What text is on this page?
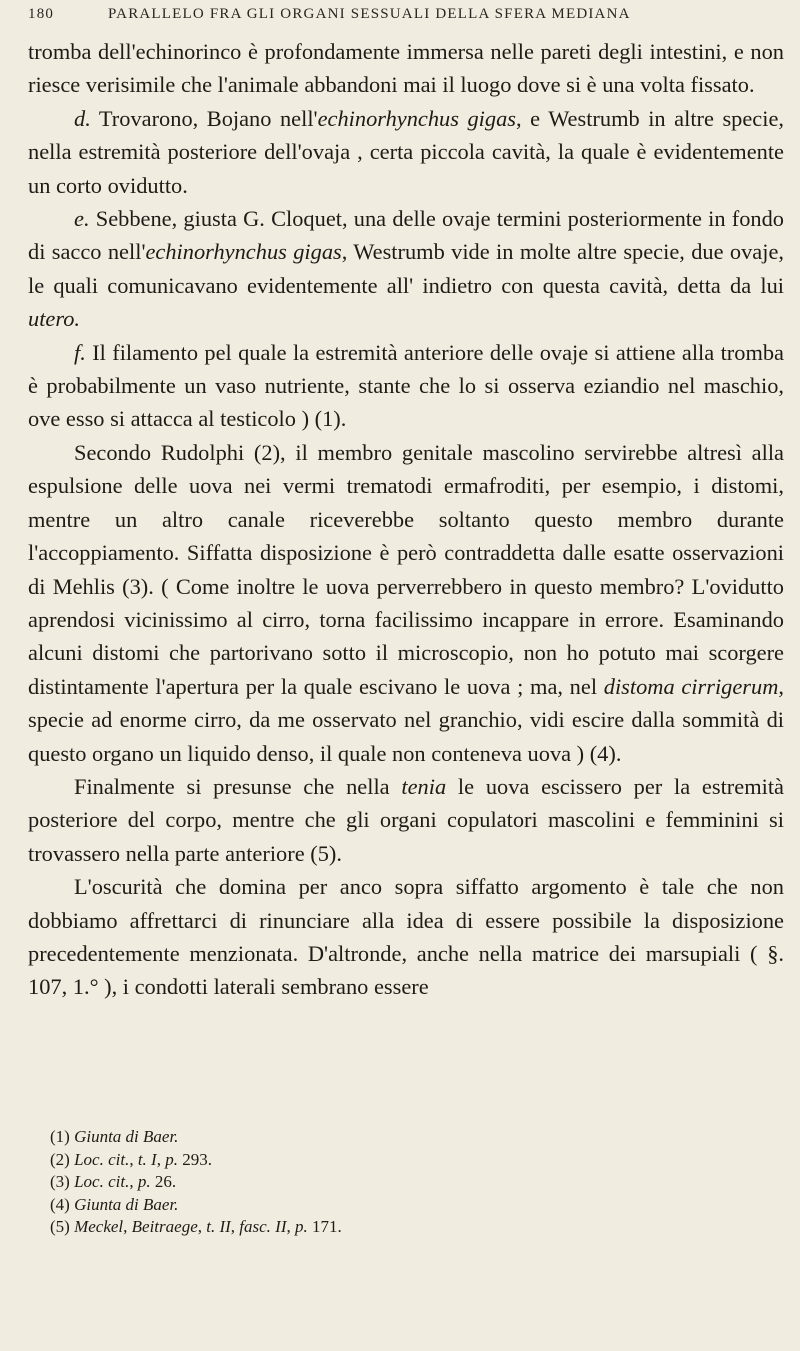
180	PARALLELO FRA GLI ORGANI SESSUALI DELLA SFERA MEDIANA

tromba dell'echinorinco è profondamente immersa nelle pareti degli intestini, e non riesce verisimile che l'animale abbandoni mai il luogo dove si è una volta fissato.

d. Trovarono, Bojano nell'echinorhynchus gigas, e Westrumb in altre specie, nella estremità posteriore dell'ovaja , certa piccola cavità, la quale è evidentemente un corto ovidutto.

e. Sebbene, giusta G. Cloquet, una delle ovaje termini posteriormente in fondo di sacco nell'echinorhynchus gigas, Westrumb vide in molte altre specie, due ovaje, le quali comunicavano evidentemente all' indietro con questa cavità, detta da lui utero.

f. Il filamento pel quale la estremità anteriore delle ovaje si attiene alla tromba è probabilmente un vaso nutriente, stante che lo si osserva eziandio nel maschio, ove esso si attacca al testicolo ) (1).

Secondo Rudolphi (2), il membro genitale mascolino servirebbe altresì alla espulsione delle uova nei vermi trematodi ermafroditi, per esempio, i distomi, mentre un altro canale riceverebbe soltanto questo membro durante l'accoppiamento. Siffatta disposizione è però contraddetta dalle esatte osservazioni di Mehlis (3). ( Come inoltre le uova perverrebbero in questo membro? L'ovidutto aprendosi vicinissimo al cirro, torna facilissimo incappare in errore. Esaminando alcuni distomi che partorivano sotto il microscopio, non ho potuto mai scorgere distintamente l'apertura per la quale escivano le uova ; ma, nel distoma cirrigerum, specie ad enorme cirro, da me osservato nel granchio, vidi escire dalla sommità di questo organo un liquido denso, il quale non conteneva uova ) (4).

Finalmente si presunse che nella tenia le uova escissero per la estremità posteriore del corpo, mentre che gli organi copulatori mascolini e femminini si trovassero nella parte anteriore (5).

L'oscurità che domina per anco sopra siffatto argomento è tale che non dobbiamo affrettarci di rinunciare alla idea di essere possibile la disposizione precedentemente menzionata. D'altronde, anche nella matrice dei marsupiali ( §. 107, 1.° ), i condotti laterali sembrano essere

(1) Giunta di Baer.
(2) Loc. cit., t. I, p. 293.
(3) Loc. cit., p. 26.
(4) Giunta di Baer.
(5) Meckel, Beitraege, t. II, fasc. II, p. 171.
